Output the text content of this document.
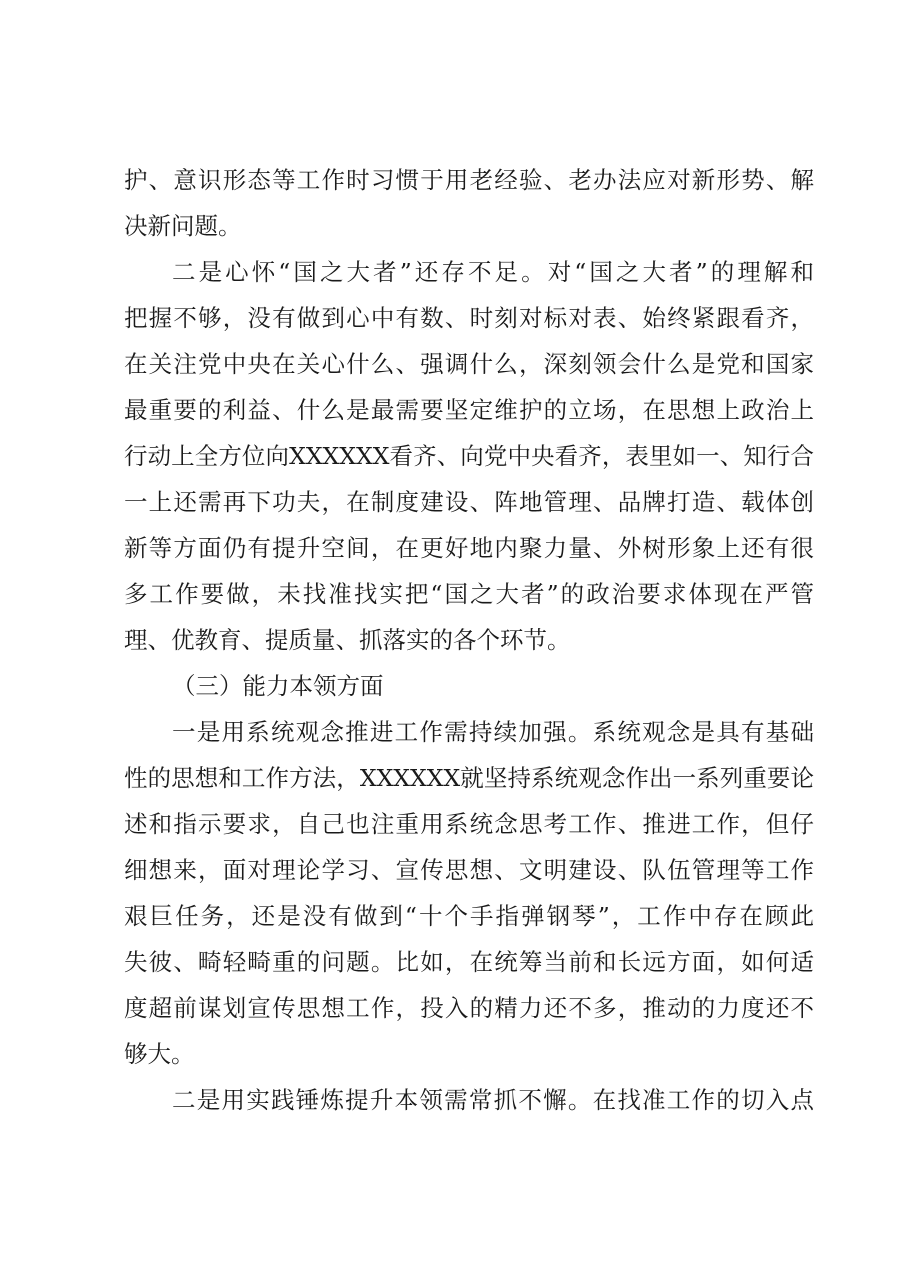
护、意识形态等工作时习惯于用老经验、老办法应对新形势、解
决新问题。
二是心怀“国之大者”还存不足。对“国之大者”的理解和
把握不够，没有做到心中有数、时刻对标对表、始终紧跟看齐，
在关注党中央在关心什么、强调什么，深刻领会什么是党和国家
最重要的利益、什么是最需要坚定维护的立场，在思想上政治上
行动上全方位向XXXXXX看齐、向党中央看齐，表里如一、知行合
一上还需再下功夫，在制度建设、阵地管理、品牌打造、载体创
新等方面仍有提升空间，在更好地内聚力量、外树形象上还有很
多工作要做，未找准找实把“国之大者”的政治要求体现在严管
理、优教育、提质量、抓落实的各个环节。
（三）能力本领方面
一是用系统观念推进工作需持续加强。系统观念是具有基础
性的思想和工作方法，XXXXXX就坚持系统观念作出一系列重要论
述和指示要求，自己也注重用系统念思考工作、推进工作，但仔
细想来，面对理论学习、宣传思想、文明建设、队伍管理等工作
艰巨任务，还是没有做到“十个手指弹钢琴”，工作中存在顾此
失彼、畸轻畸重的问题。比如，在统筹当前和长远方面，如何适
度超前谋划宣传思想工作，投入的精力还不多，推动的力度还不
够大。
二是用实践锤炼提升本领需常抓不懈。在找准工作的切入点
